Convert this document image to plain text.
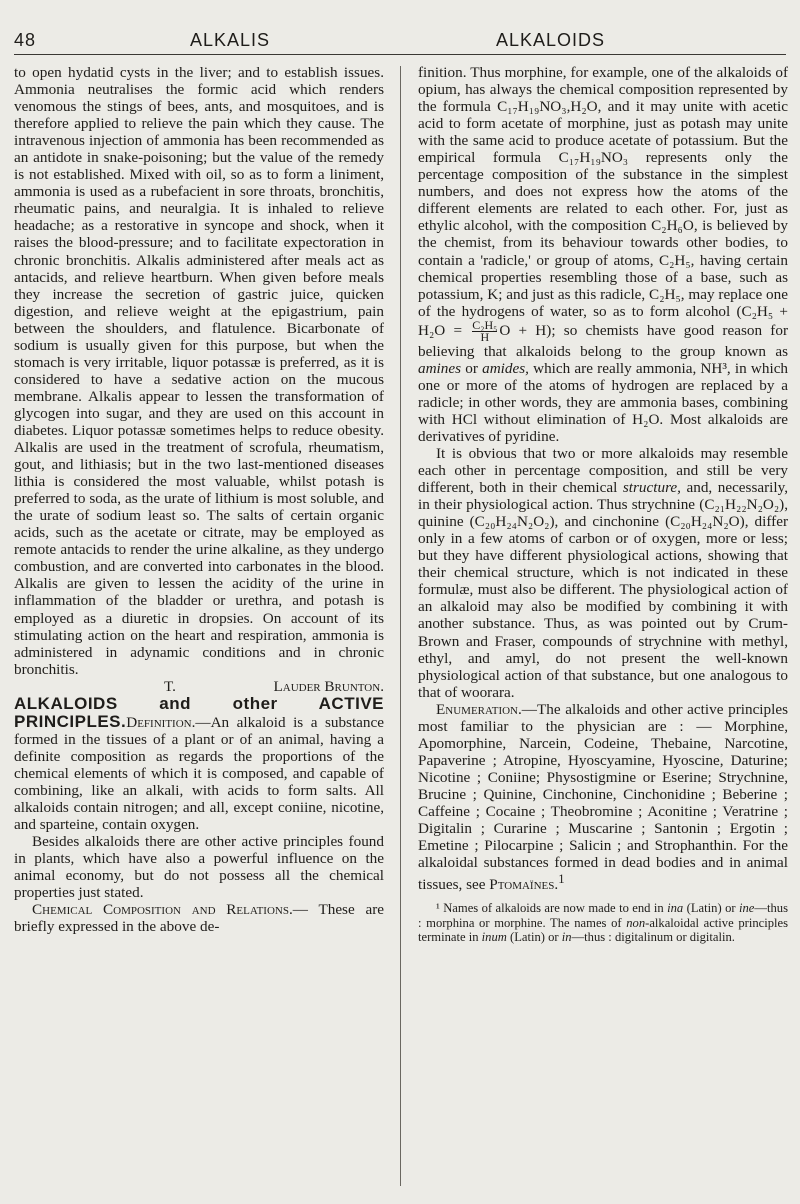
48	ALKALIS	ALKALOIDS

to open hydatid cysts in the liver; and to establish issues. Ammonia neutralises the formic acid which renders venomous the stings of bees, ants, and mosquitoes, and is therefore applied to relieve the pain which they cause. The intravenous injection of ammonia has been recommended as an antidote in snake-poisoning; but the value of the remedy is not established. Mixed with oil, so as to form a liniment, ammonia is used as a rubefacient in sore throats, bronchitis, rheumatic pains, and neuralgia. It is inhaled to relieve headache; as a restorative in syncope and shock, when it raises the blood-pressure; and to facilitate expectoration in chronic bronchitis. Alkalis administered after meals act as antacids, and relieve heartburn. When given before meals they increase the secretion of gastric juice, quicken digestion, and relieve weight at the epigastrium, pain between the shoulders, and flatulence. Bicarbonate of sodium is usually given for this purpose, but when the stomach is very irritable, liquor potassæ is preferred, as it is considered to have a sedative action on the mucous membrane. Alkalis appear to lessen the transformation of glycogen into sugar, and they are used on this account in diabetes. Liquor potassæ sometimes helps to reduce obesity. Alkalis are used in the treatment of scrofula, rheumatism, gout, and lithiasis; but in the two last-mentioned diseases lithia is considered the most valuable, whilst potash is preferred to soda, as the urate of lithium is most soluble, and the urate of sodium least so. The salts of certain organic acids, such as the acetate or citrate, may be employed as remote antacids to render the urine alkaline, as they undergo combustion, and are converted into carbonates in the blood. Alkalis are given to lessen the acidity of the urine in inflammation of the bladder or urethra, and potash is employed as a diuretic in dropsies. On account of its stimulating action on the heart and respiration, ammonia is administered in adynamic conditions and in chronic bronchitis.

T.	Lauder Brunton.

ALKALOIDS and other ACTIVE PRINCIPLES.Definition.—An alkaloid is a substance formed in the tissues of a plant or of an animal, having a definite composition as regards the proportions of the chemical elements of which it is composed, and capable of combining, like an alkali, with acids to form salts. All alkaloids contain nitrogen; and all, except coniine, nicotine, and sparteine, contain oxygen.

Besides alkaloids there are other active principles found in plants, which have also a powerful influence on the animal economy, but do not possess all the chemical properties just stated.

Chemical Composition and Relations.— These are briefly expressed in the above de-

finition. Thus morphine, for example, one of the alkaloids of opium, has always the chemical composition represented by the formula C₁₇H₁₉NO₃,H₂O, and it may unite with acetic acid to form acetate of morphine, just as potash may unite with the same acid to produce acetate of potassium. But the empirical formula C₁₇H₁₉NO₃ represents only the percentage composition of the substance in the simplest numbers, and does not express how the atoms of the different elements are related to each other. For, just as ethylic alcohol, with the composition C₂H₆O, is believed by the chemist, from its behaviour towards other bodies, to contain a 'radicle,' or group of atoms, C₂H₅, having certain chemical properties resembling those of a base, such as potassium, K; and just as this radicle, C₂H₅, may replace one of the hydrogens of water, so as to form alcohol ($C_2H_5 + H_2O = \frac{\text{C₂H₅}}{H}$ O + H); so chemists have good reason for believing that alkaloids belong to the group known as amines or amides, which are really ammonia, NH³, in which one or more of the atoms of hydrogen are replaced by a radicle; in other words, they are ammonia bases, combining with HCl without elimination of H₂O. Most alkaloids are derivatives of pyridine.

It is obvious that two or more alkaloids may resemble each other in percentage composition, and still be very different, both in their chemical structure, and, necessarily, in their physiological action. Thus strychnine (C₂₁H₂₂N₂O₂), quinine (C₂₀H₂₄N₂O₂), and cinchonine (C₂₀H₂₄N₂O), differ only in a few atoms of carbon or of oxygen, more or less; but they have different physiological actions, showing that their chemical structure, which is not indicated in these formulæ, must also be different. The physiological action of an alkaloid may also be modified by combining it with another substance. Thus, as was pointed out by Crum-Brown and Fraser, compounds of strychnine with methyl, ethyl, and amyl, do not present the well-known physiological action of that substance, but one analogous to that of woorara.

Enumeration.—The alkaloids and other active principles most familiar to the physician are : — Morphine, Apomorphine, Narcein, Codeine, Thebaine, Narcotine, Papaverine ; Atropine, Hyoscyamine, Hyoscine, Daturine; Nicotine ; Coniine; Physostigmine or Eserine; Strychnine, Brucine ; Quinine, Cinchonine, Cinchonidine ; Beberine ; Caffeine ; Cocaine ; Theobromine ; Aconitine ; Veratrine ; Digitalin ; Curarine ; Muscarine ; Santonin ; Ergotin ; Emetine ; Pilocarpine ; Salicin ; and Strophanthin. For the alkaloidal substances formed in dead bodies and in animal tissues, see Ptomaïnes.$^1$

¹ Names of alkaloids are now made to end in ina (Latin) or ine—thus : morphina or morphine. The names of non-alkaloidal active principles terminate in inum (Latin) or in—thus : digitalinum or digitalin.
